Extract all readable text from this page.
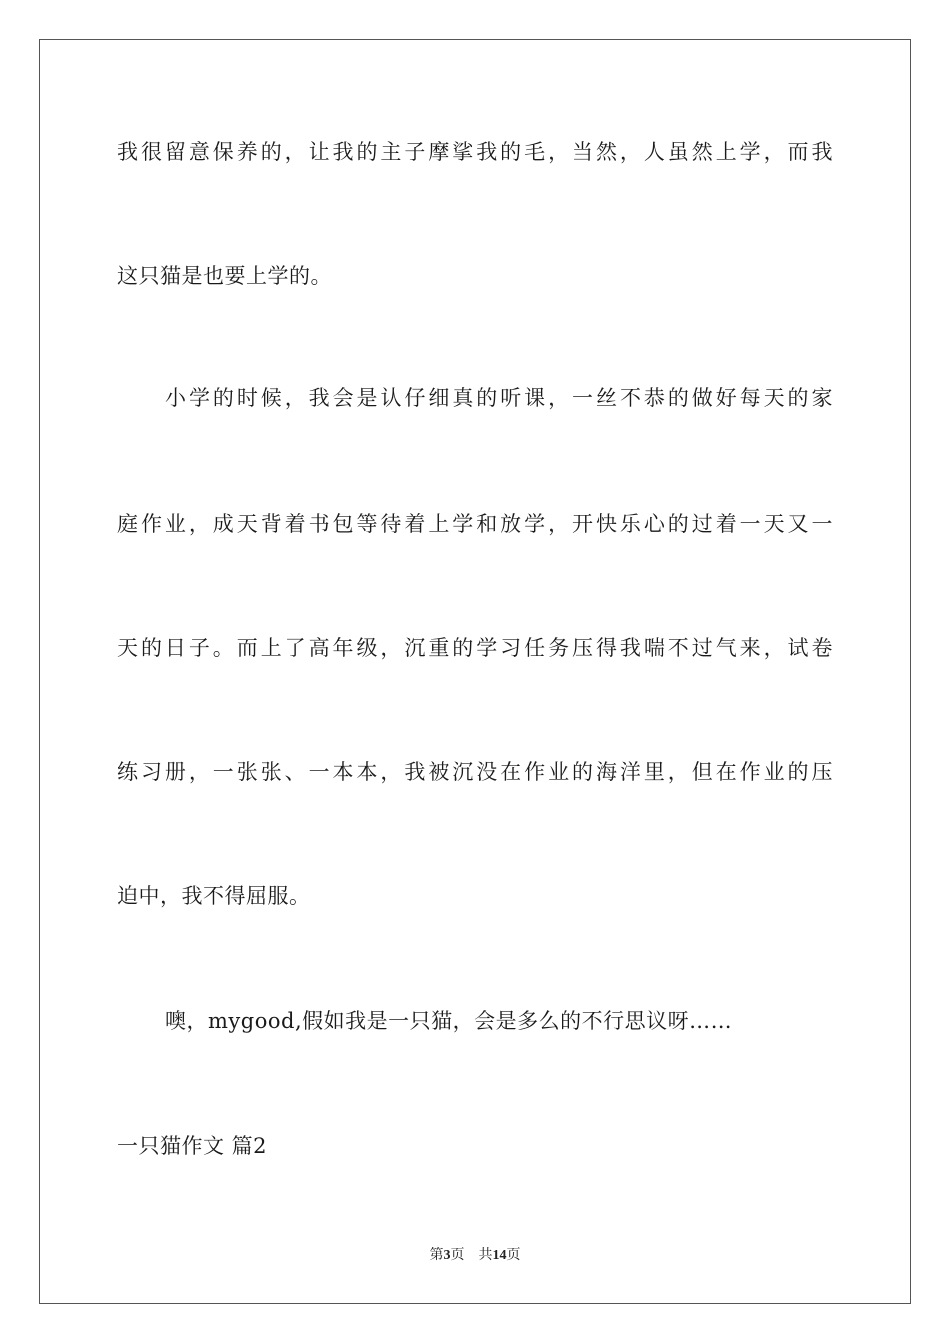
我很留意保养的，让我的主子摩挲我的毛，当然，人虽然上学，而我
这只猫是也要上学的。
小学的时候，我会是认仔细真的听课，一丝不恭的做好每天的家
庭作业，成天背着书包等待着上学和放学，开快乐心的过着一天又一
天的日子。而上了高年级，沉重的学习任务压得我喘不过气来，试卷
练习册，一张张、一本本，我被沉没在作业的海洋里，但在作业的压
迫中，我不得屈服。
噢，mygood,假如我是一只猫，会是多么的不行思议呀……
一只猫作文 篇2
第3页 共14页
